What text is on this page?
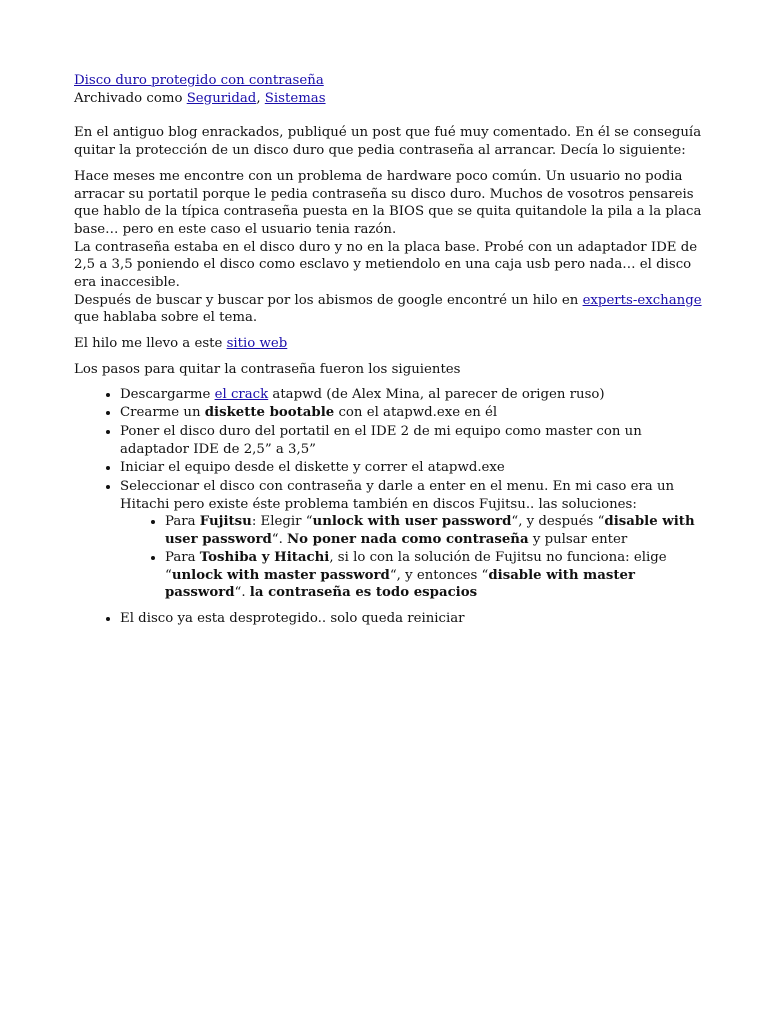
Disco duro protegido con contraseña

Archivado como Seguridad, Sistemas

En el antiguo blog enrackados, publiqué un post que fué muy comentado. En él se conseguía quitar la protección de un disco duro que pedia contraseña al arrancar. Decía lo siguiente:

Hace meses me encontre con un problema de hardware poco común. Un usuario no podia arracar su portatil porque le pedia contraseña su disco duro. Muchos de vosotros pensareis que hablo de la típica contraseña puesta en la BIOS que se quita quitandole la pila a la placa base… pero en este caso el usuario tenia razón.
La contraseña estaba en el disco duro y no en la placa base. Probé con un adaptador IDE de 2,5 a 3,5 poniendo el disco como esclavo y metiendolo en una caja usb pero nada… el disco era inaccesible.
Después de buscar y buscar por los abismos de google encontré un hilo en experts-exchange que hablaba sobre el tema.

El hilo me llevo a este sitio web

Los pasos para quitar la contraseña fueron los siguientes

• Descargarme el crack atapwd (de Alex Mina, al parecer de origen ruso)
• Crearme un diskette bootable con el atapwd.exe en él
• Poner el disco duro del portatil en el IDE 2 de mi equipo como master con un adaptador IDE de 2,5” a 3,5”
• Iniciar el equipo desde el diskette y correr el atapwd.exe
• Seleccionar el disco con contraseña y darle a enter en el menu. En mi caso era un Hitachi pero existe éste problema también en discos Fujitsu.. las soluciones:
• Para Fujitsu: Elegir “unlock with user password“, y después “disable with user password“. No poner nada como contraseña y pulsar enter
• Para Toshiba y Hitachi, si lo con la solución de Fujitsu no funciona: elige “unlock with master password“, y entonces “disable with master password“. la contraseña es todo espacios
• El disco ya esta desprotegido.. solo queda reiniciar
